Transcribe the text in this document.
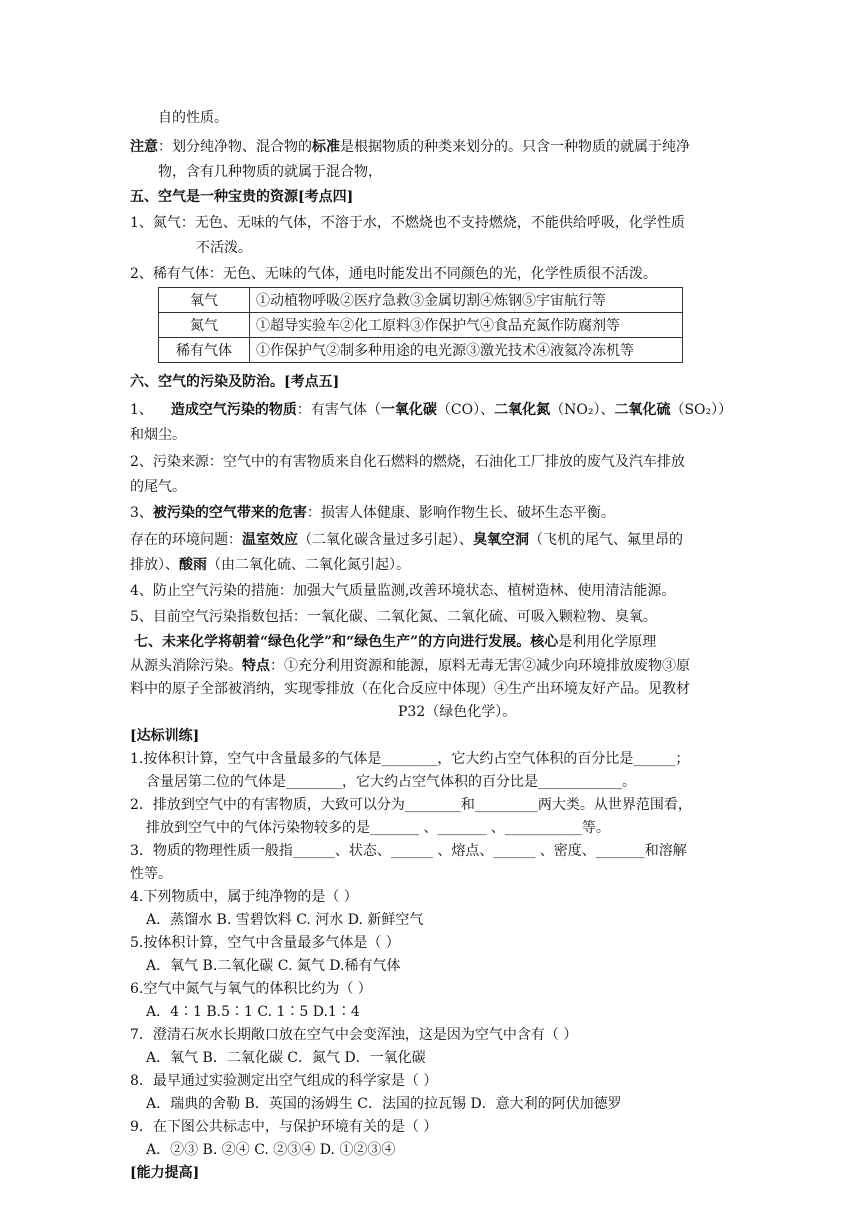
自的性质。
注意：划分纯净物、混合物的标准是根据物质的种类来划分的。只含一种物质的就属于纯净
物，含有几种物质的就属于混合物，
五、空气是一种宝贵的资源[考点四]
1、氮气：无色、无味的气体，不溶于水，不燃烧也不支持燃烧，不能供给呼吸，化学性质
不活泼。
2、稀有气体：无色、无味的气体，通电时能发出不同颜色的光，化学性质很不活泼。
氧气	①动植物呼吸②医疗急救③金属切割④炼钢⑤宇宙航行等
氮气	①超导实验车②化工原料③作保护气④食品充氮作防腐剂等
稀有气体	①作保护气②制多种用途的电光源③激光技术④液氦冷冻机等
六、空气的污染及防治。[考点五]
1、 造成空气污染的物质：有害气体（一氧化碳（CO）、二氧化氮（NO₂）、二氧化硫（SO₂））
和烟尘。
2、污染来源：空气中的有害物质来自化石燃料的燃烧，石油化工厂排放的废气及汽车排放
的尾气。
3、被污染的空气带来的危害：损害人体健康、影响作物生长、破坏生态平衡。
存在的环境问题：温室效应（二氧化碳含量过多引起）、臭氧空洞（飞机的尾气、氟里昂的
排放）、酸雨（由二氧化硫、二氧化氮引起）。
4、防止空气污染的措施：加强大气质量监测,改善环境状态、植树造林、使用清洁能源。
5、目前空气污染指数包括：一氧化碳、二氧化氮、二氧化硫、可吸入颗粒物、臭氧。
七、未来化学将朝着“绿色化学”和“绿色生产”的方向进行发展。核心是利用化学原理
从源头消除污染。特点：①充分利用资源和能源，原料无毒无害②减少向环境排放废物③原
料中的原子全部被消纳，实现零排放（在化合反应中体现）④生产出环境友好产品。见教材
P32（绿色化学）。
[达标训练]
1.按体积计算，空气中含量最多的气体是________，它大约占空气体积的百分比是______；
含量居第二位的气体是________，它大约占空气体积的百分比是____________。
2．排放到空气中的有害物质，大致可以分为________和_________两大类。从世界范围看，
排放到空气中的气体污染物较多的是_______ 、_______ 、___________等。
3．物质的物理性质一般指______、状态、______ 、熔点、______ 、密度、_______和溶解
性等。
4.下列物质中，属于纯净物的是（ ）
A．蒸馏水 B. 雪碧饮料 C. 河水 D. 新鲜空气
5.按体积计算，空气中含量最多气体是（ ）
A．氧气 B.二氧化碳 C. 氮气 D.稀有气体
6.空气中氮气与氧气的体积比约为（ ）
A．4∶1 B.5∶1 C. 1∶5 D.1∶4
7．澄清石灰水长期敞口放在空气中会变浑浊，这是因为空气中含有（ ）
A．氧气 B．二氧化碳 C．氮气 D．一氧化碳
8．最早通过实验测定出空气组成的科学家是（ ）
A．瑞典的舍勒 B．英国的汤姆生 C．法国的拉瓦锡 D．意大利的阿伏加德罗
9．在下图公共标志中，与保护环境有关的是（ ）
A．②③ B. ②④ C. ②③④ D. ①②③④
[能力提高]
